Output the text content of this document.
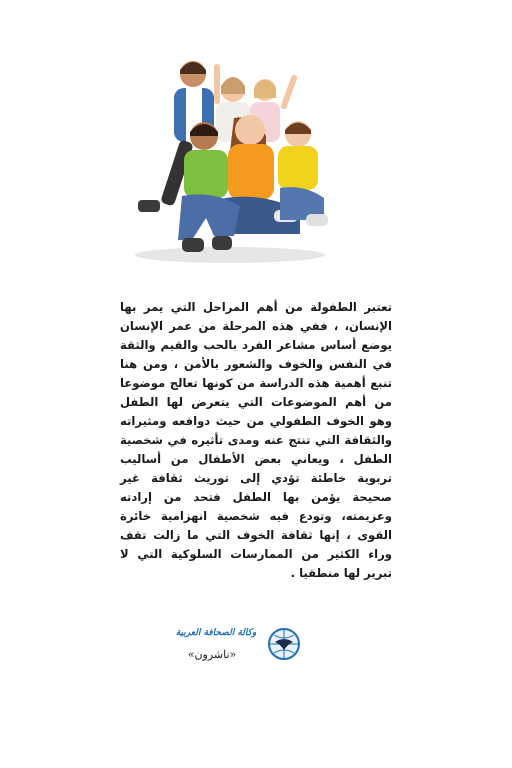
تعتبر الطفولة من أهم المراحل التي يمر بها الإنسان، ، ففي هذه المرحلة من عمر الإنسان يوضع أساس مشاعر الفرد بالحب والقيم والثقة في النفس والخوف والشعور بالأمن ، ومن هنا تنبع أهمية هذه الدراسة من كونها تعالج موضوعا من أهم الموضوعات التي يتعرض لها الطفل وهو الخوف الطفولي من حيث دوافعه ومثيراته والثقافة التي تنتج عنه ومدى تأثيره في شخصية الطفل ، ويعاني بعض الأطفال من أساليب تربوية خاطئة تؤدي إلى توريث ثقافة غير صحيحة يؤمن بها الطفل فتحد من إرادته وعزيمته، وتودع فيه شخصية انهزامية خائرة القوى ، إنها ثقافة الخوف التي ما زالت تقف وراء الكثير من الممارسات السلوكية التي لا تبرير لها منطقيا .

وكالة الصحافة العربية
«ناشرون»
